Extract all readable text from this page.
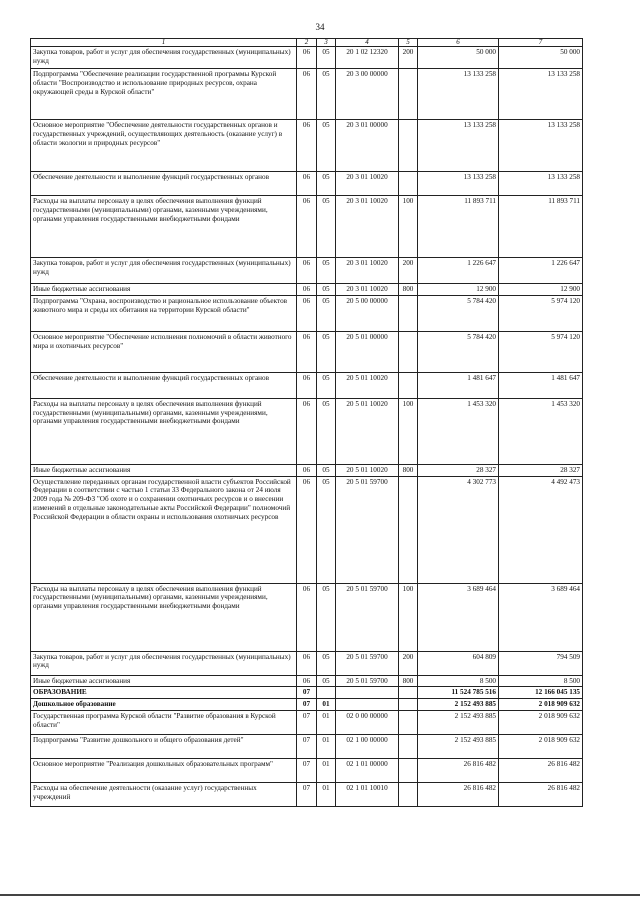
34
1	2	3	4	5	6	7
Закупка товаров, работ и услуг для обеспечения государственных (муниципальных) нужд	06	05	20 1 02 12320	200	50 000	50 000
Подпрограмма "Обеспечение реализации государственной программы Курской области "Воспроизводство и использование природных ресурсов, охрана окружающей среды в Курской области"	06	05	20 3 00 00000		13 133 258	13 133 258
Основное мероприятие "Обеспечение деятельности государственных органов и государственных учреждений, осуществляющих деятельность (оказание услуг) в области экологии и природных ресурсов"	06	05	20 3 01 00000		13 133 258	13 133 258
Обеспечение деятельности и выполнение функций государственных органов	06	05	20 3 01 10020		13 133 258	13 133 258
Расходы на выплаты персоналу в целях обеспечения выполнения функций государственными (муниципальными) органами, казенными учреждениями, органами управления государственными внебюджетными фондами	06	05	20 3 01 10020	100	11 893 711	11 893 711
Закупка товаров, работ и услуг для обеспечения государственных (муниципальных) нужд	06	05	20 3 01 10020	200	1 226 647	1 226 647
Иные бюджетные ассигнования	06	05	20 3 01 10020	800	12 900	12 900
Подпрограмма "Охрана, воспроизводство и рациональное использование объектов животного мира и среды их обитания на территории Курской области"	06	05	20 5 00 00000		5 784 420	5 974 120
Основное мероприятие "Обеспечение исполнения полномочий в области животного мира и охотничьих ресурсов"	06	05	20 5 01 00000		5 784 420	5 974 120
Обеспечение деятельности и выполнение функций государственных органов	06	05	20 5 01 10020		1 481 647	1 481 647
Расходы на выплаты персоналу в целях обеспечения выполнения функций государственными (муниципальными) органами, казенными учреждениями, органами управления государственными внебюджетными фондами	06	05	20 5 01 10020	100	1 453 320	1 453 320
Иные бюджетные ассигнования	06	05	20 5 01 10020	800	28 327	28 327
Осуществление переданных органам государственной власти субъектов Российской Федерации в соответствии с частью 1 статьи 33 Федерального закона от 24 июля 2009 года № 209-ФЗ "Об охоте и о сохранении охотничьих ресурсов и о внесении изменений в отдельные законодательные акты Российской Федерации" полномочий Российской Федерации в области охраны и использования охотничьих ресурсов	06	05	20 5 01 59700		4 302 773	4 492 473
Расходы на выплаты персоналу в целях обеспечения выполнения функций государственными (муниципальными) органами, казенными учреждениями, органами управления государственными внебюджетными фондами	06	05	20 5 01 59700	100	3 689 464	3 689 464
Закупка товаров, работ и услуг для обеспечения государственных (муниципальных) нужд	06	05	20 5 01 59700	200	604 809	794 509
Иные бюджетные ассигнования	06	05	20 5 01 59700	800	8 500	8 500
ОБРАЗОВАНИЕ	07				11 524 785 516	12 166 045 135
Дошкольное образование	07	01			2 152 493 885	2 018 909 632
Государственная программа Курской области "Развитие образования в Курской области"	07	01	02 0 00 00000		2 152 493 885	2 018 909 632
Подпрограмма "Развитие дошкольного и общего образования детей"	07	01	02 1 00 00000		2 152 493 885	2 018 909 632
Основное мероприятие "Реализация дошкольных образовательных программ"	07	01	02 1 01 00000		26 816 482	26 816 482
Расходы на обеспечение деятельности (оказание услуг) государственных учреждений	07	01	02 1 01 10010		26 816 482	26 816 482
